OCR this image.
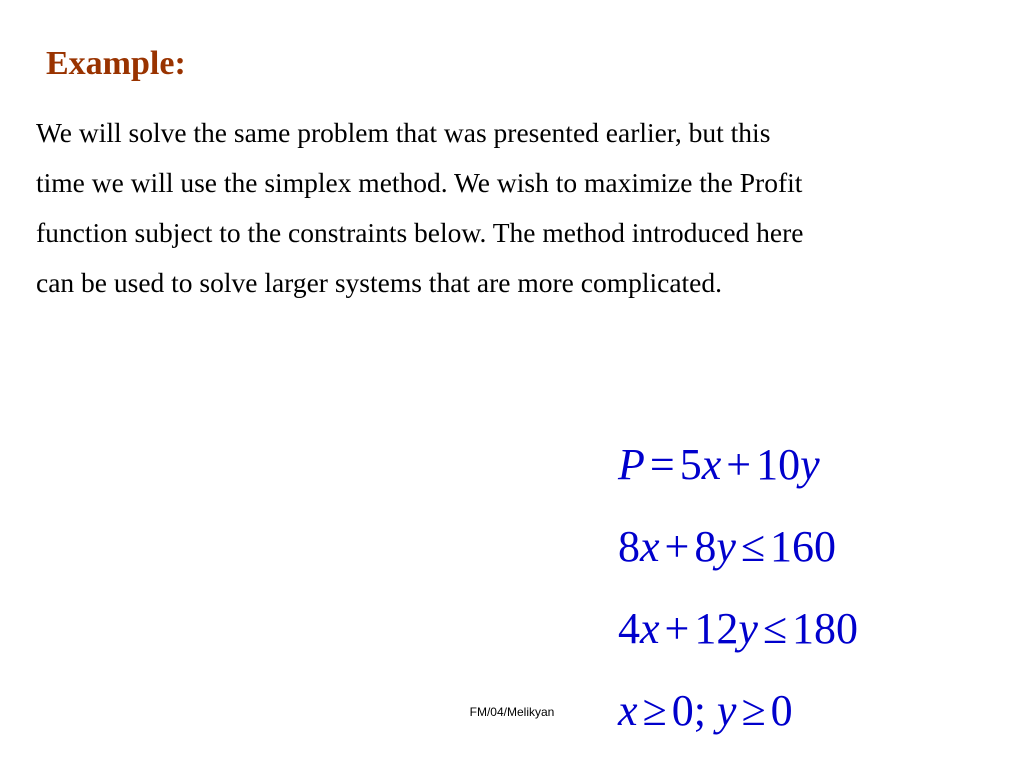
Example:
We will solve the same problem that was presented earlier, but this
time we will use the simplex method. We wish to maximize the Profit
function subject to the constraints below. The method introduced here
can be used to solve larger systems that are more complicated.
P = 5x + 10y
8x + 8y ≤ 160
4x + 12y ≤ 180
x ≥ 0; y ≥ 0
FM/04/Melikyan
